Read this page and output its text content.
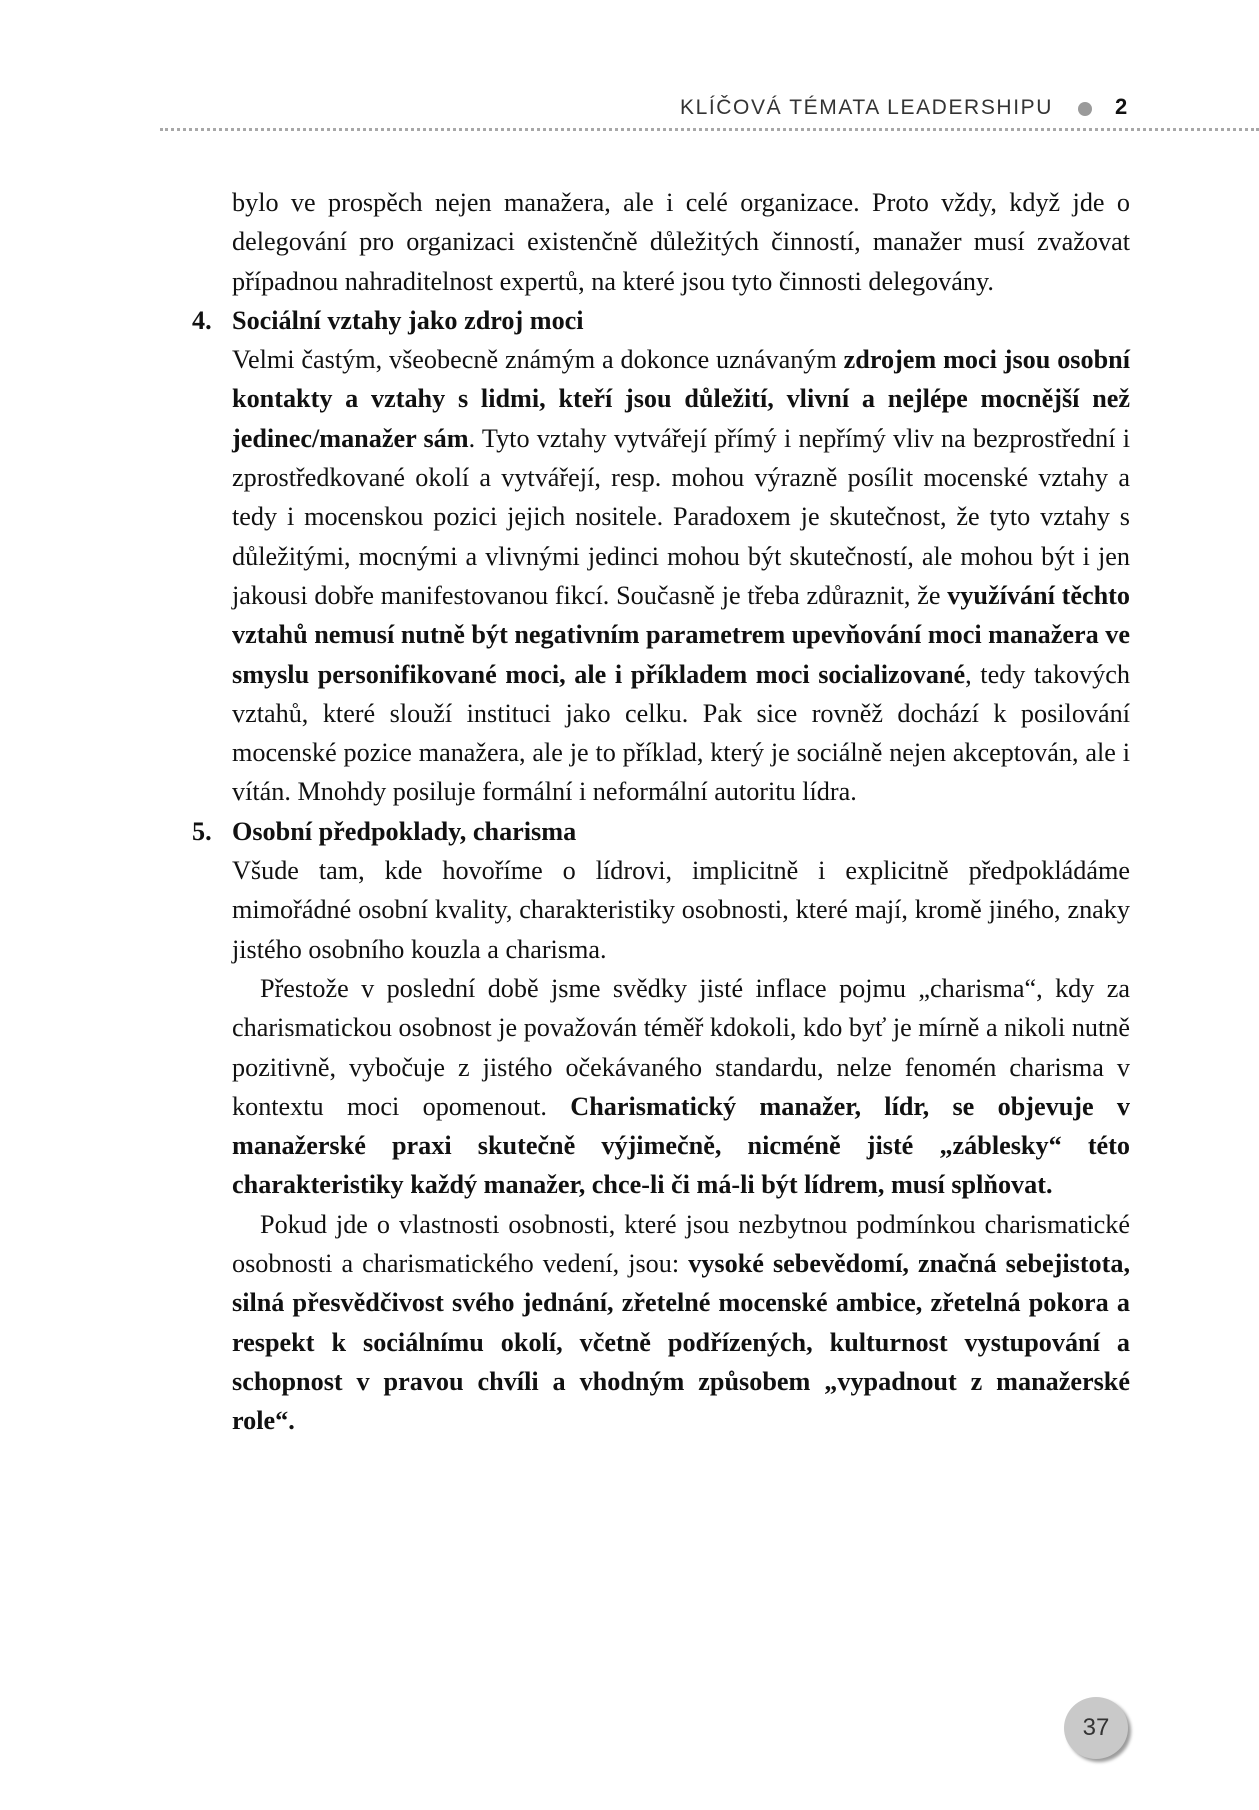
KLÍČOVÁ TÉMATA LEADERSHIPU	2

bylo ve prospěch nejen manažera, ale i celé organizace. Proto vždy, když jde o delegování pro organizaci existenčně důležitých činností, manažer musí zvažovat případnou nahraditelnost expertů, na které jsou tyto činnosti delegovány.

4. Sociální vztahy jako zdroj moci

Velmi častým, všeobecně známým a dokonce uznávaným zdrojem moci jsou osobní kontakty a vztahy s lidmi, kteří jsou důležití, vlivní a nejlépe mocnější než jedinec/manažer sám. Tyto vztahy vytvářejí přímý i nepřímý vliv na bezprostřední i zprostředkované okolí a vytvářejí, resp. mohou výrazně posílit mocenské vztahy a tedy i mocenskou pozici jejich nositele. Paradoxem je skutečnost, že tyto vztahy s důležitými, mocnými a vlivnými jedinci mohou být skutečností, ale mohou být i jen jakousi dobře manifestovanou fikcí. Současně je třeba zdůraznit, že využívání těchto vztahů nemusí nutně být negativním parametrem upevňování moci manažera ve smyslu personifikované moci, ale i příkladem moci socializované, tedy takových vztahů, které slouží instituci jako celku. Pak sice rovněž dochází k posilování mocenské pozice manažera, ale je to příklad, který je sociálně nejen akceptován, ale i vítán. Mnohdy posiluje formální i neformální autoritu lídra.

5. Osobní předpoklady, charisma

Všude tam, kde hovoříme o lídrovi, implicitně i explicitně předpokládáme mimořádné osobní kvality, charakteristiky osobnosti, které mají, kromě jiného, znaky jistého osobního kouzla a charisma.

Přestože v poslední době jsme svědky jisté inflace pojmu „charisma“, kdy za charismatickou osobnost je považován téměř kdokoli, kdo byť je mírně a nikoli nutně pozitivně, vybočuje z jistého očekávaného standardu, nelze fenomén charisma v kontextu moci opomenout. Charismatický manažer, lídr, se objevuje v manažerské praxi skutečně výjimečně, nicméně jisté „záblesky“ této charakteristiky každý manažer, chce-li či má-li být lídrem, musí splňovat.

Pokud jde o vlastnosti osobnosti, které jsou nezbytnou podmínkou charismatické osobnosti a charismatického vedení, jsou: vysoké sebevědomí, značná sebejistota, silná přesvědčivost svého jednání, zřetelné mocenské ambice, zřetelná pokora a respekt k sociálnímu okolí, včetně podřízených, kulturnost vystupování a schopnost v pravou chvíli a vhodným způsobem „vypadnout z manažerské role“.

37
